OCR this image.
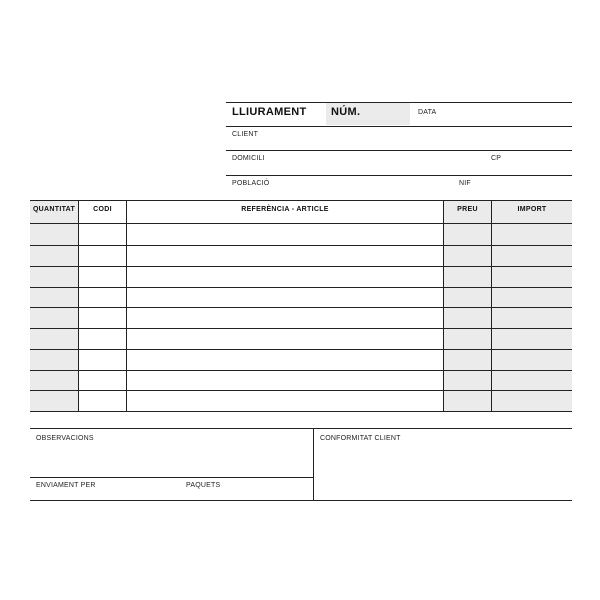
LLIURAMENT NÚM.	DATA
CLIENT
DOMICILI	CP
POBLACIÓ	NIF
QUANTITAT	CODI	REFERÈNCIA - ARTICLE	PREU	IMPORT
OBSERVACIONS
ENVIAMENT PER	PAQUETS
CONFORMITAT CLIENT
